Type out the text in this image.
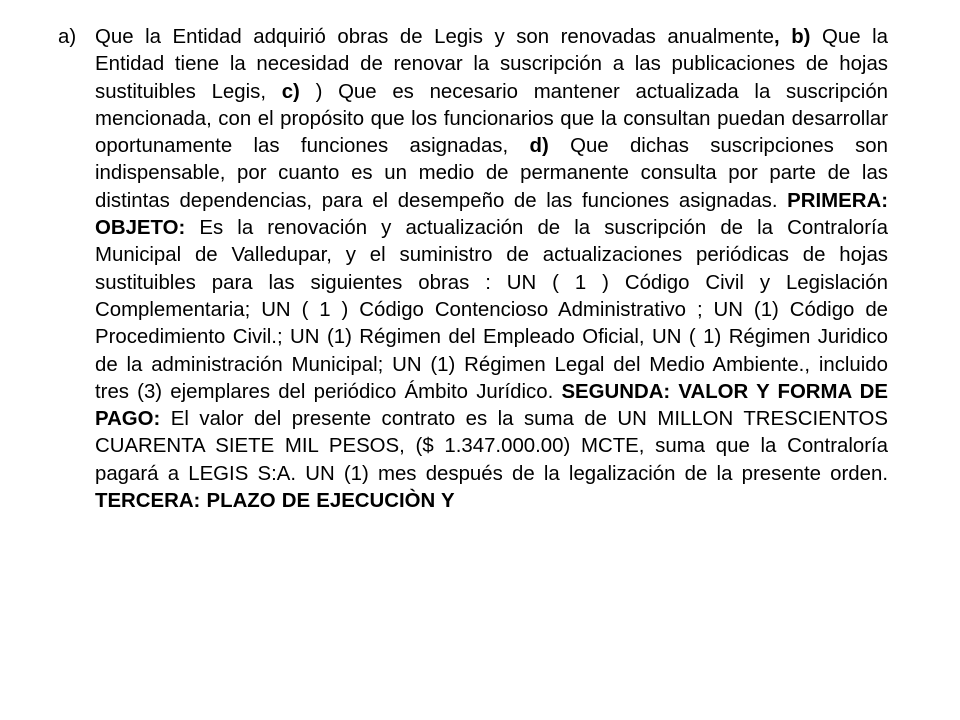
a) Que la Entidad adquirió obras de Legis y son renovadas anualmente, b) Que la Entidad tiene la necesidad de renovar la suscripción a las publicaciones de hojas sustituibles Legis, c) ) Que es necesario mantener actualizada la suscripción mencionada, con el propósito que los funcionarios que la consultan puedan desarrollar oportunamente las funciones asignadas, d) Que dichas suscripciones son indispensable, por cuanto es un medio de permanente consulta por parte de las distintas dependencias, para el desempeño de las funciones asignadas. PRIMERA: OBJETO: Es la renovación y actualización de la suscripción de la Contraloría Municipal de Valledupar, y el suministro de actualizaciones periódicas de hojas sustituibles para las siguientes obras : UN ( 1 ) Código Civil y Legislación Complementaria; UN ( 1 ) Código Contencioso Administrativo ; UN (1) Código de Procedimiento Civil.; UN (1) Régimen del Empleado Oficial, UN ( 1) Régimen Juridico de la administración Municipal; UN (1) Régimen Legal del Medio Ambiente., incluido tres (3) ejemplares del periódico Ámbito Jurídico. SEGUNDA: VALOR Y FORMA DE PAGO: El valor del presente contrato es la suma de UN MILLON TRESCIENTOS CUARENTA SIETE MIL PESOS, ($ 1.347.000.00) MCTE, suma que la Contraloría pagará a LEGIS S:A. UN (1) mes después de la legalización de la presente orden. TERCERA: PLAZO DE EJECUCIÒN Y
